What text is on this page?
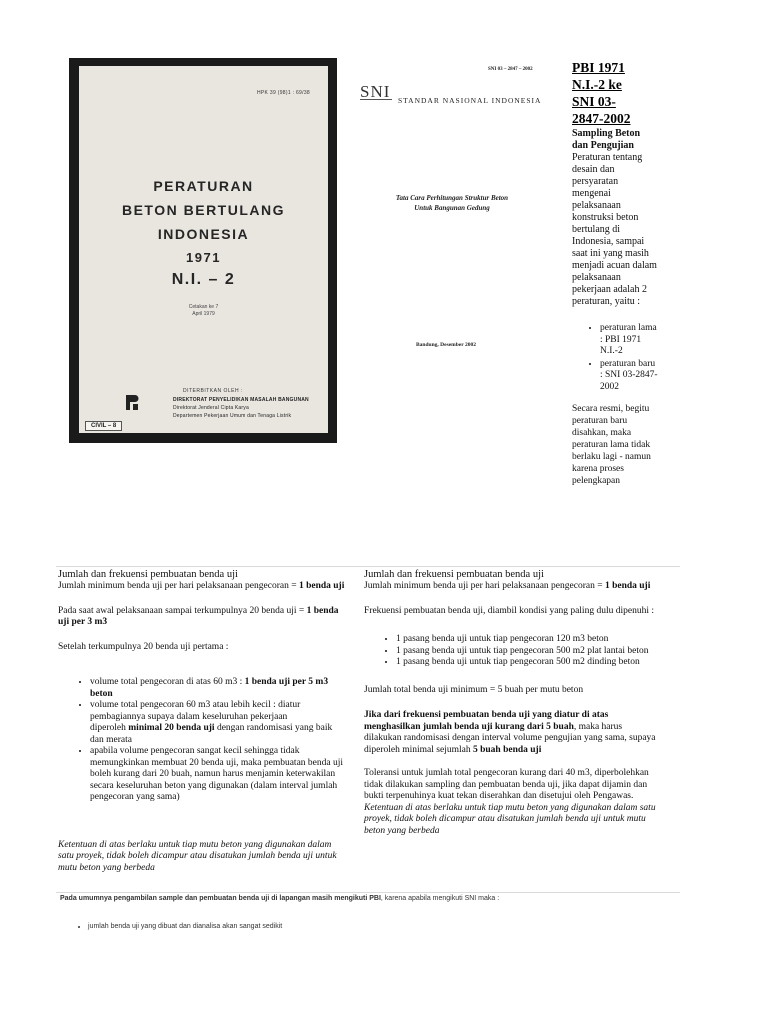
HPK 39 (98)1 : 69/38
PERATURAN
BETON BERTULANG
INDONESIA
1971
N.I. – 2
Cetakan ke 7
April 1979
DITERBITKAN OLEH :
DIREKTORAT PENYELIDIKAN MASALAH BANGUNAN
Direktorat Jenderal Cipta Karya
Departemen Pekerjaan Umum dan Tenaga Listrik
CIVIL – 8
SNI 03 – 2847 – 2002
SNI STANDAR NASIONAL INDONESIA
Tata Cara Perhitungan Struktur Beton
Untuk Bangunan Gedung
Bandung, Desember 2002
PBI 1971
N.I.-2 ke
SNI 03-
2847-2002
Sampling Beton dan Pengujian
Peraturan tentang desain dan persyaratan mengenai pelaksanaan konstruksi beton bertulang di Indonesia, sampai saat ini yang masih menjadi acuan dalam pelaksanaan pekerjaan adalah 2 peraturan, yaitu :
• peraturan lama : PBI 1971 N.I.-2
• peraturan baru : SNI 03-2847-2002
Secara resmi, begitu peraturan baru disahkan, maka peraturan lama tidak berlaku lagi - namun karena proses pelengkapan
Jumlah dan frekuensi pembuatan benda uji

Jumlah minimum benda uji per hari pelaksanaan pengecoran = 1 benda uji

Pada saat awal pelaksanaan sampai terkumpulnya 20 benda uji = 1 benda uji per 3 m3

Setelah terkumpulnya 20 benda uji pertama :

• volume total pengecoran di atas 60 m3 : 1 benda uji per 5 m3 beton
• volume total pengecoran 60 m3 atau lebih kecil : diatur pembagiannya supaya dalam keseluruhan pekerjaan
diperoleh minimal 20 benda uji dengan randomisasi yang baik dan merata
• apabila volume pengecoran sangat kecil sehingga tidak memungkinkan membuat 20 benda uji, maka pembuatan benda uji boleh kurang dari 20 buah, namun harus menjamin keterwakilan secara keseluruhan beton yang digunakan (dalam interval jumlah pengecoran yang sama)

Ketentuan di atas berlaku untuk tiap mutu beton yang digunakan dalam satu proyek, tidak boleh dicampur atau disatukan jumlah benda uji untuk mutu beton yang berbeda

Jumlah dan frekuensi pembuatan benda uji

Jumlah minimum benda uji per hari pelaksanaan pengecoran = 1 benda uji

Frekuensi pembuatan benda uji, diambil kondisi yang paling dulu dipenuhi :

• 1 pasang benda uji untuk tiap pengecoran 120 m3 beton
• 1 pasang benda uji untuk tiap pengecoran 500 m2 plat lantai beton
• 1 pasang benda uji untuk tiap pengecoran 500 m2 dinding beton

Jumlah total benda uji minimum = 5 buah per mutu beton

Jika dari frekuensi pembuatan benda uji yang diatur di atas menghasilkan jumlah benda uji kurang dari 5 buah, maka harus dilakukan randomisasi dengan interval volume pengujian yang sama, supaya diperoleh minimal sejumlah 5 buah benda uji

Toleransi untuk jumlah total pengecoran kurang dari 40 m3, diperbolehkan tidak dilakukan sampling dan pembuatan benda uji, jika dapat dijamin dan bukti terpenuhinya kuat tekan diserahkan dan disetujui oleh Pengawas.

Ketentuan di atas berlaku untuk tiap mutu beton yang digunakan dalam satu proyek, tidak boleh dicampur atau disatukan jumlah benda uji untuk mutu beton yang berbeda

Pada umumnya pengambilan sample dan pembuatan benda uji di lapangan masih mengikuti PBI, karena apabila mengikuti SNI maka :
• jumlah benda uji yang dibuat dan dianalisa akan sangat sedikit
